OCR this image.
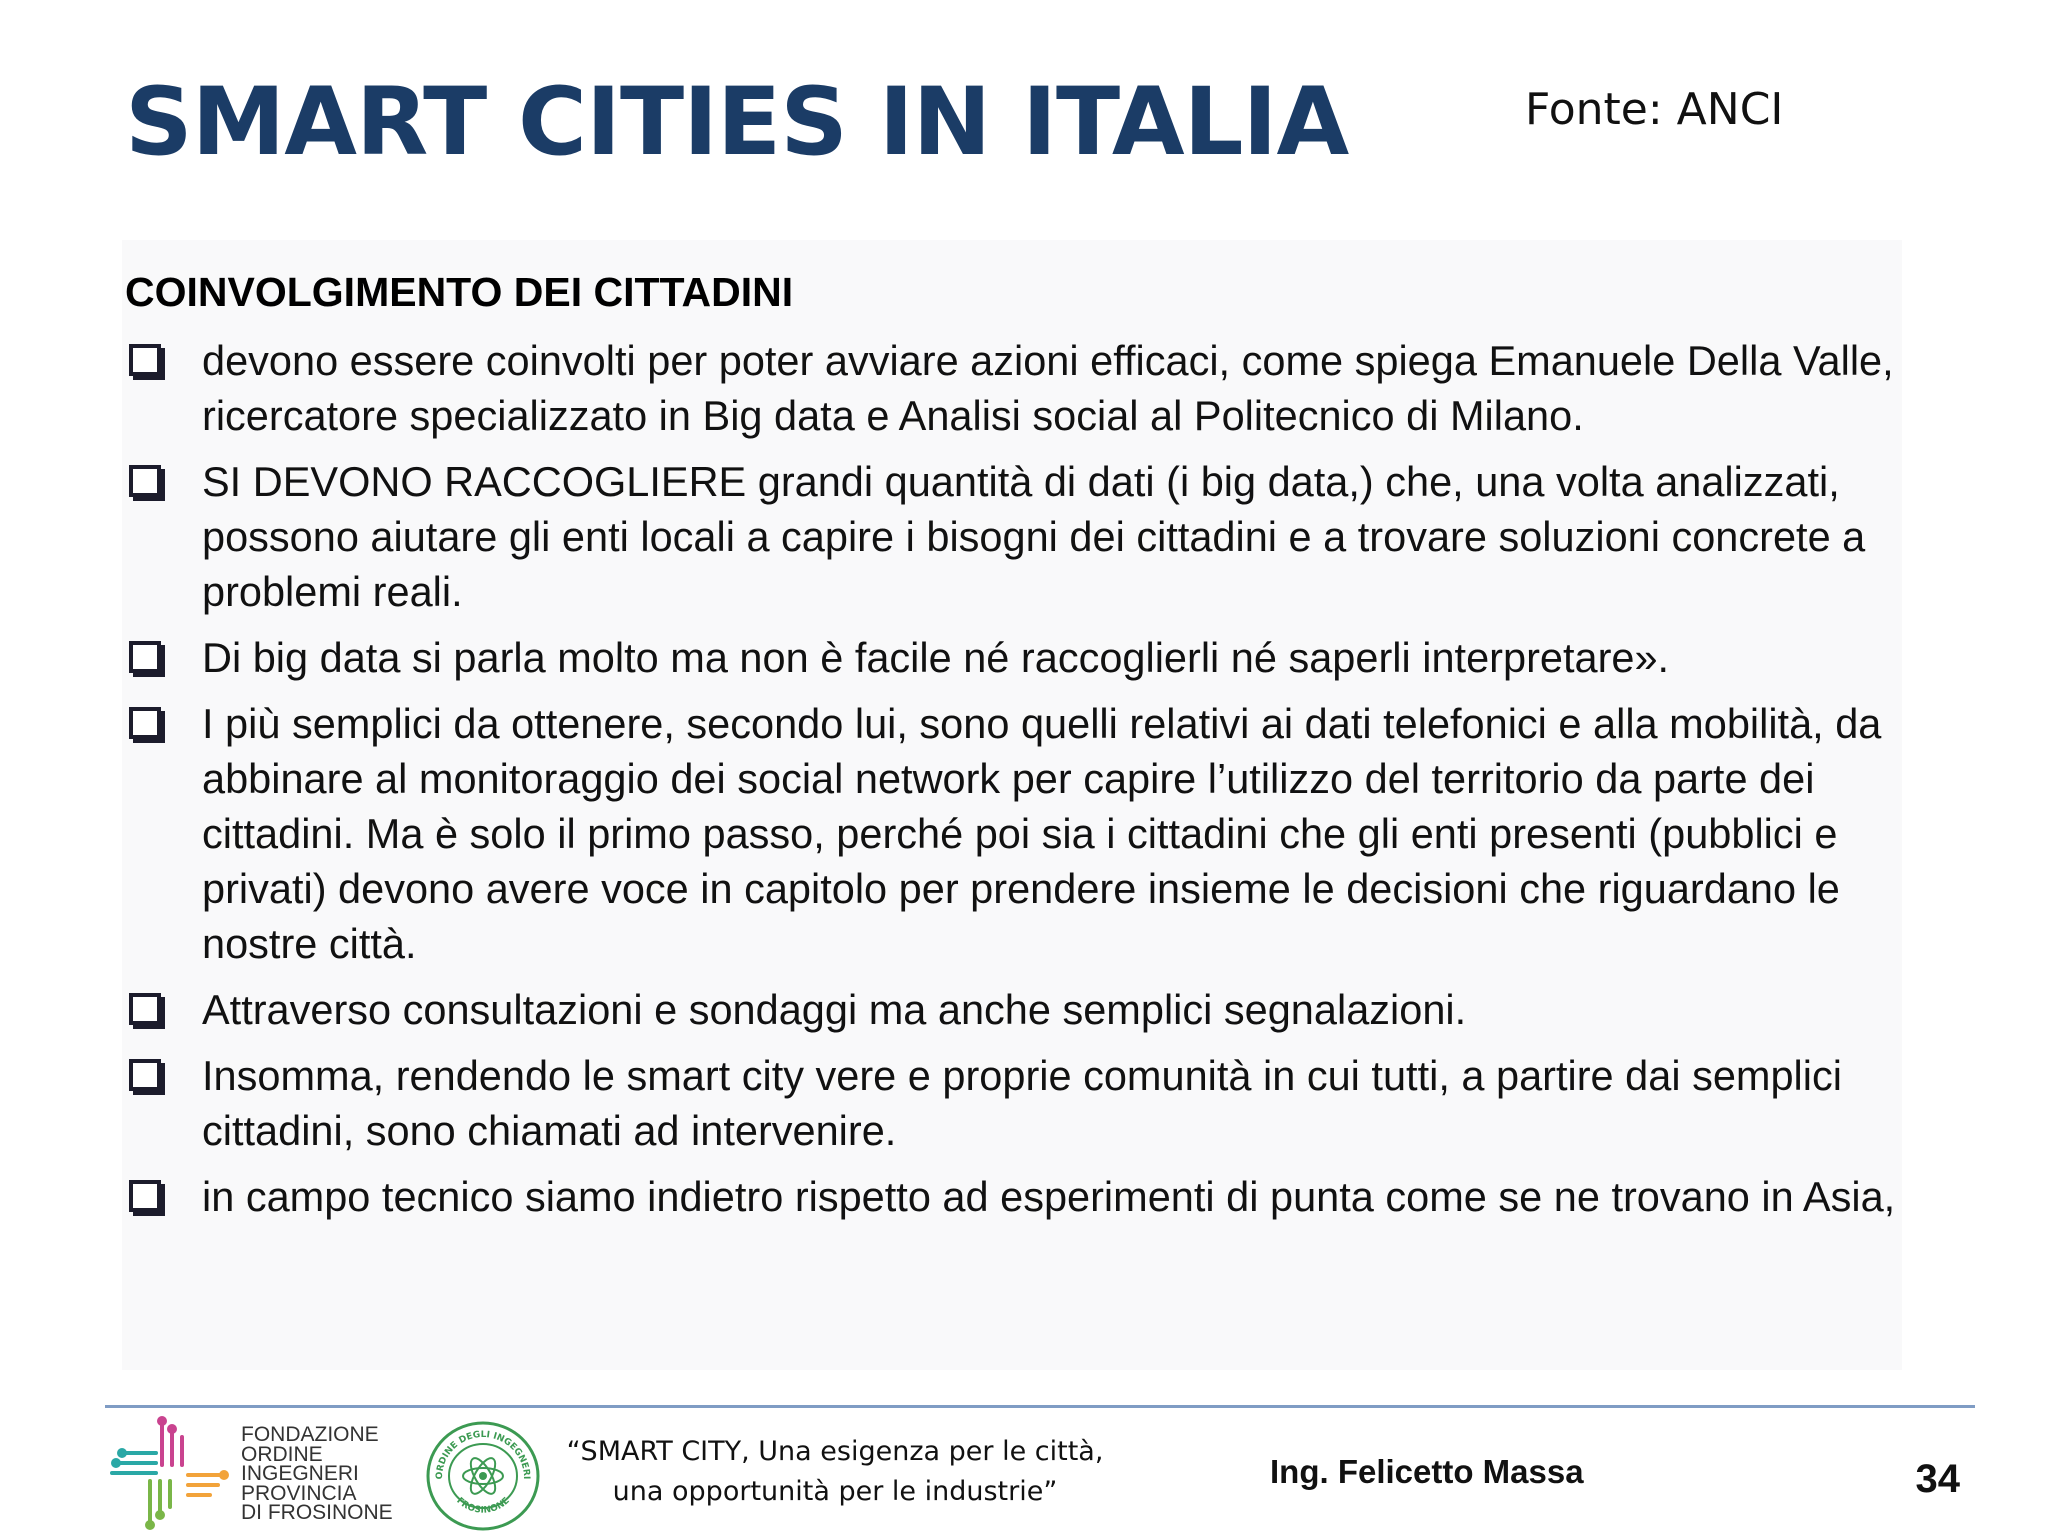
SMART CITIES IN ITALIA	Fonte: ANCI
COINVOLGIMENTO DEI CITTADINI
devono essere coinvolti per poter avviare azioni efficaci, come spiega Emanuele Della Valle, ricercatore specializzato in Big data e Analisi social al Politecnico di Milano.
SI DEVONO RACCOGLIERE grandi quantità di dati (i big data,) che, una volta analizzati, possono aiutare gli enti locali a capire i bisogni dei cittadini e a trovare soluzioni concrete a problemi reali.
Di big data si parla molto ma non è facile né raccoglierli né saperli interpretare».
I più semplici da ottenere, secondo lui, sono quelli relativi ai dati telefonici e alla mobilità, da abbinare al monitoraggio dei social network per capire l’utilizzo del territorio da parte dei cittadini. Ma è solo il primo passo, perché poi sia i cittadini che gli enti presenti (pubblici e privati) devono avere voce in capitolo per prendere insieme le decisioni che riguardano le nostre città.
Attraverso consultazioni e sondaggi ma anche semplici segnalazioni.
Insomma, rendendo le smart city vere e proprie comunità in cui tutti, a partire dai semplici cittadini, sono chiamati ad intervenire.
in campo tecnico siamo indietro rispetto ad esperimenti di punta come se ne trovano in Asia,
FONDAZIONE
ORDINE
INGEGNERI
PROVINCIA
DI FROSINONE
ORDINE DEGLI INGEGNERI
FROSINONE
“SMART CITY, Una esigenza per le città,
una opportunità per le industrie”
Ing. Felicetto Massa	34
